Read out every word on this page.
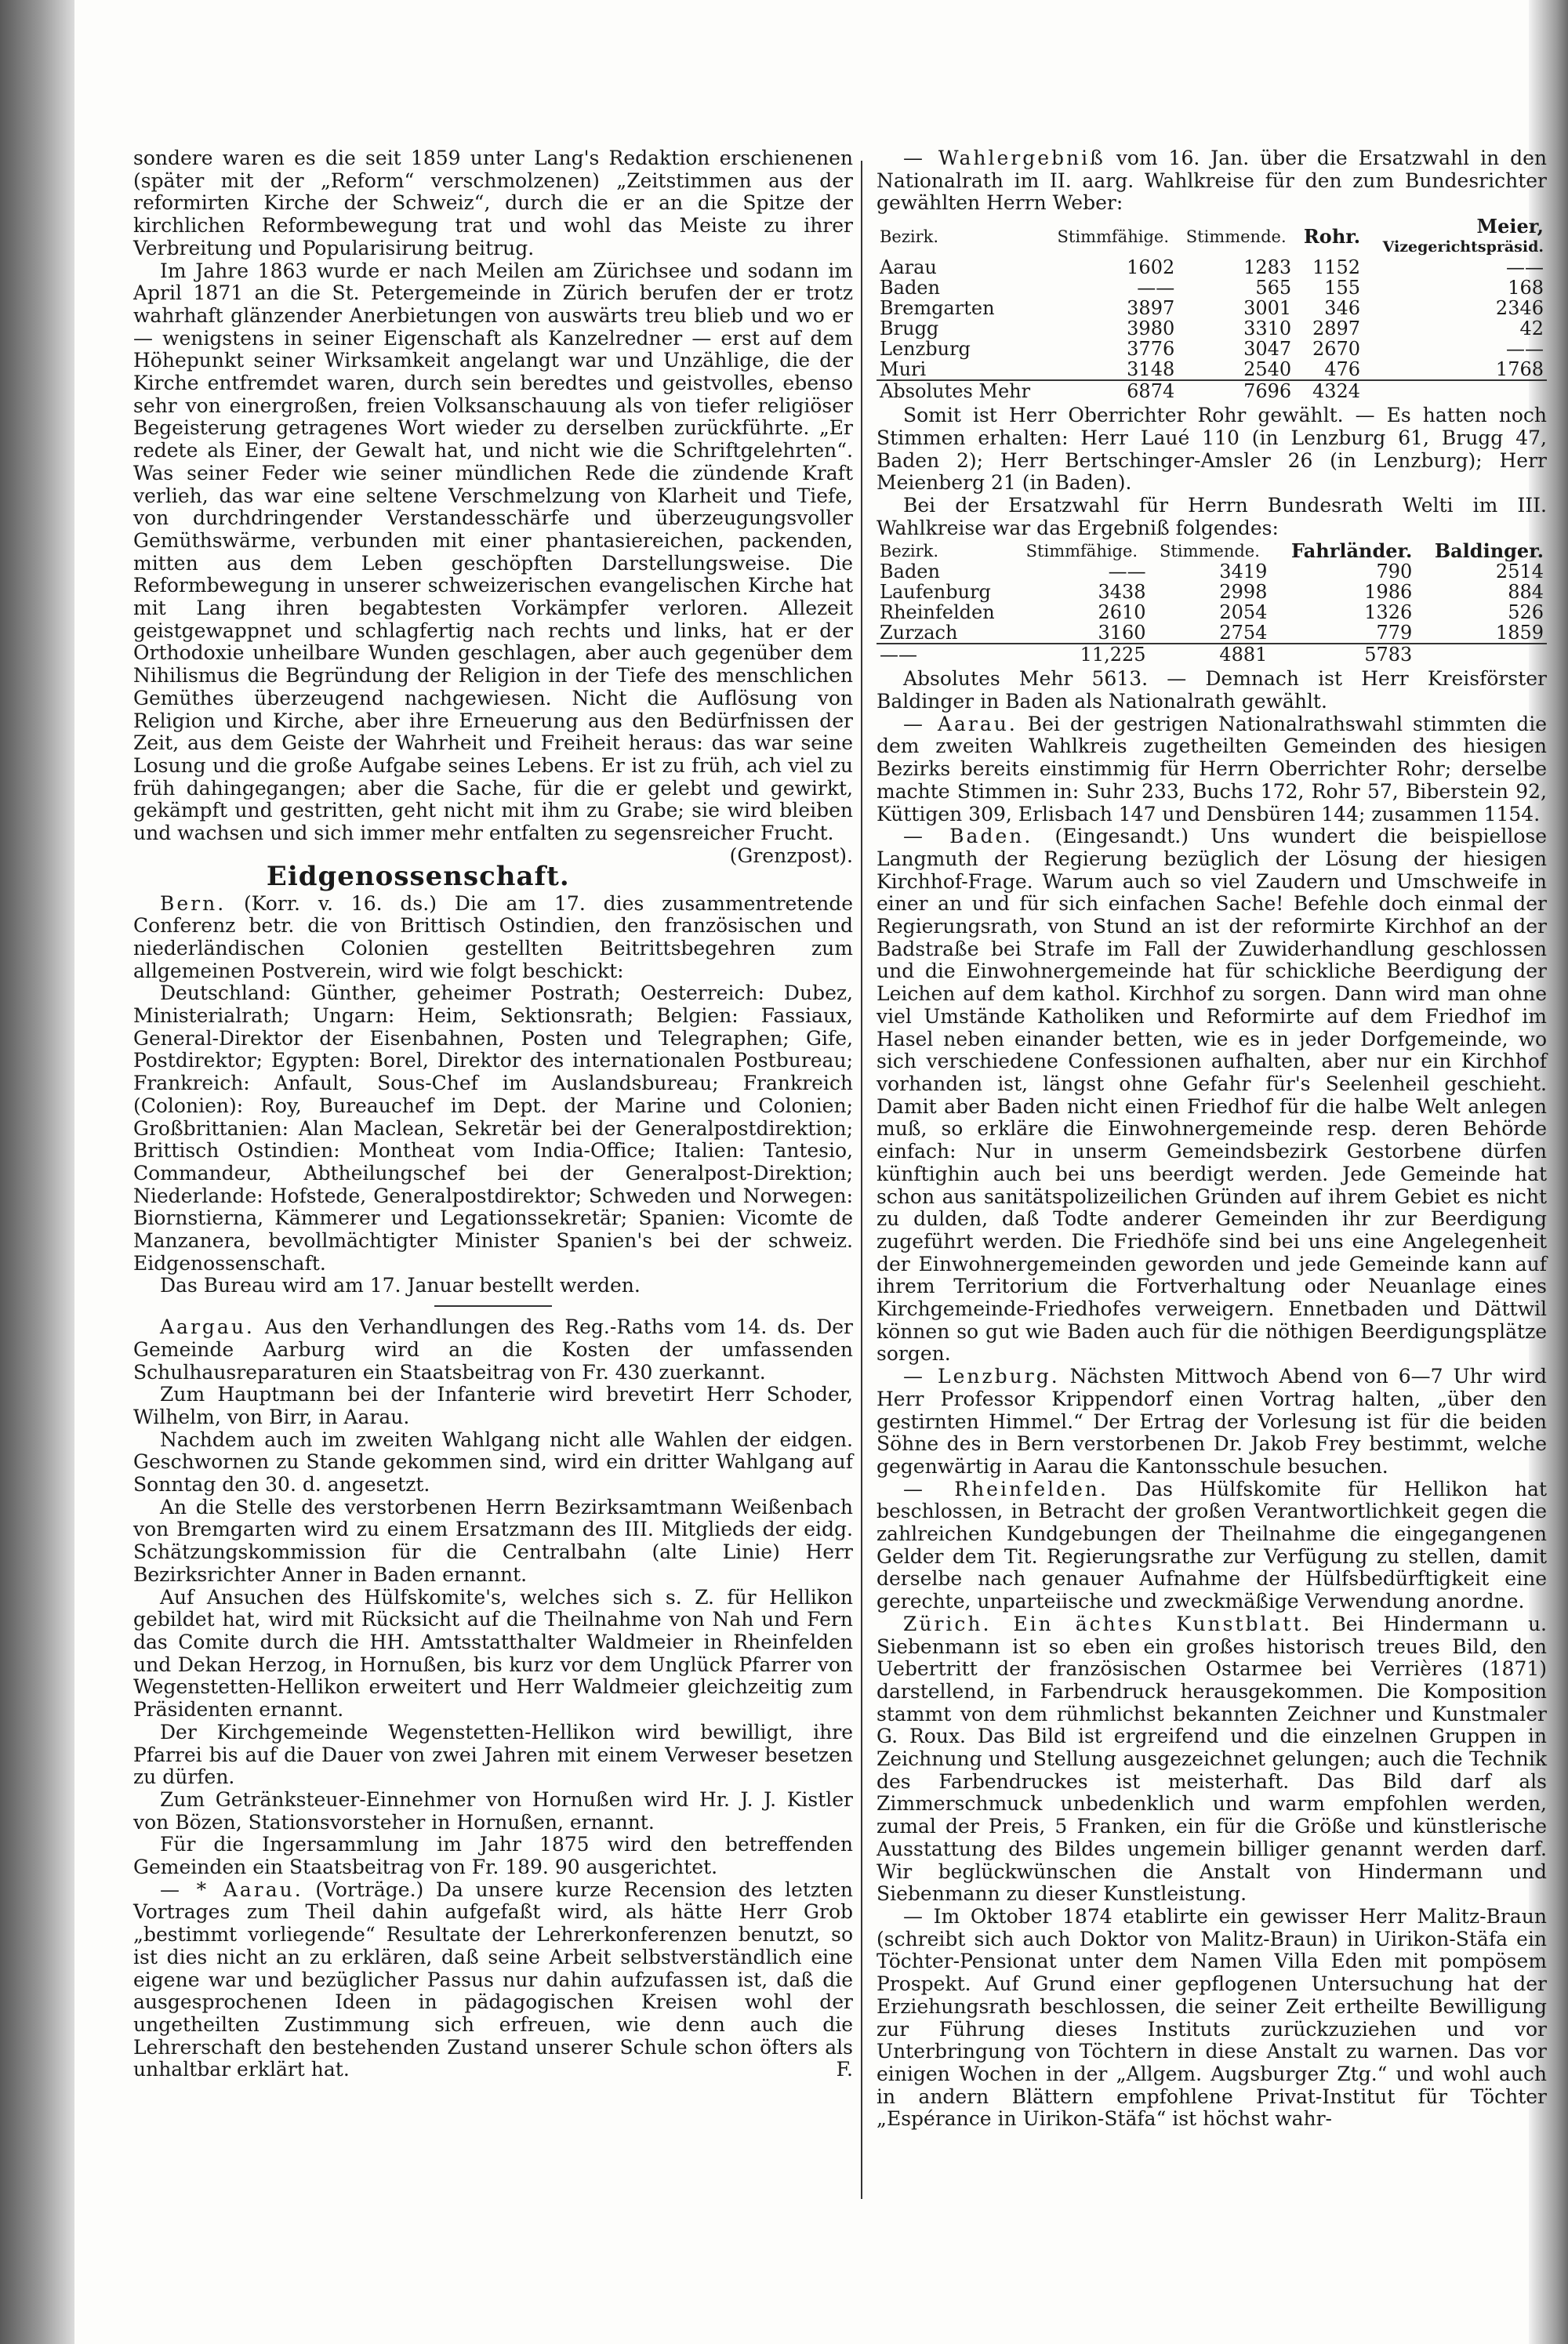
sondere waren es die seit 1859 unter Lang's Redaktion erschienenen (später mit der „Reform“ verschmolzenen) „Zeitstimmen aus der reformirten Kirche der Schweiz“, durch die er an die Spitze der kirchlichen Reformbewegung trat und wohl das Meiste zu ihrer Verbreitung und Popularisirung beitrug.

Im Jahre 1863 wurde er nach Meilen am Zürichsee und sodann im April 1871 an die St. Petergemeinde in Zürich berufen der er trotz wahrhaft glänzender Anerbietungen von auswärts treu blieb und wo er — wenigstens in seiner Eigenschaft als Kanzelredner — erst auf dem Höhepunkt seiner Wirksamkeit angelangt war und Unzählige, die der Kirche entfremdet waren, durch sein beredtes und geistvolles, ebenso sehr von einergroßen, freien Volksanschauung als von tiefer religiöser Begeisterung getragenes Wort wieder zu derselben zurückführte. „Er redete als Einer, der Gewalt hat, und nicht wie die Schriftgelehrten“. Was seiner Feder wie seiner mündlichen Rede die zündende Kraft verlieh, das war eine seltene Verschmelzung von Klarheit und Tiefe, von durchdringender Verstandesschärfe und überzeugungsvoller Gemüthswärme, verbunden mit einer phantasiereichen, packenden, mitten aus dem Leben geschöpften Darstellungsweise. Die Reformbewegung in unserer schweizerischen evangelischen Kirche hat mit Lang ihren begabtesten Vorkämpfer verloren. Allezeit geistgewappnet und schlagfertig nach rechts und links, hat er der Orthodoxie unheilbare Wunden geschlagen, aber auch gegenüber dem Nihilismus die Begründung der Religion in der Tiefe des menschlichen Gemüthes überzeugend nachgewiesen. Nicht die Auflösung von Religion und Kirche, aber ihre Erneuerung aus den Bedürfnissen der Zeit, aus dem Geiste der Wahrheit und Freiheit heraus: das war seine Losung und die große Aufgabe seines Lebens. Er ist zu früh, ach viel zu früh dahingegangen; aber die Sache, für die er gelebt und gewirkt, gekämpft und gestritten, geht nicht mit ihm zu Grabe; sie wird bleiben und wachsen und sich immer mehr entfalten zu segensreicher Frucht.
(Grenzpost).

Eidgenossenschaft.

Bern. (Korr. v. 16. ds.) Die am 17. dies zusammentretende Conferenz betr. die von Brittisch Ostindien, den französischen und niederländischen Colonien gestellten Beitrittsbegehren zum allgemeinen Postverein, wird wie folgt beschickt:

Deutschland: Günther, geheimer Postrath; Oesterreich: Dubez, Ministerialrath; Ungarn: Heim, Sektionsrath; Belgien: Fassiaux, General-Direktor der Eisenbahnen, Posten und Telegraphen; Gife, Postdirektor; Egypten: Borel, Direktor des internationalen Postbureau; Frankreich: Anfault, Sous-Chef im Auslandsbureau; Frankreich (Colonien): Roy, Bureauchef im Dept. der Marine und Colonien; Großbrittanien: Alan Maclean, Sekretär bei der Generalpostdirektion; Brittisch Ostindien: Montheat vom India-Office; Italien: Tantesio, Commandeur, Abtheilungschef bei der Generalpost-Direktion; Niederlande: Hofstede, Generalpostdirektor; Schweden und Norwegen: Biornstierna, Kämmerer und Legationssekretär; Spanien: Vicomte de Manzanera, bevollmächtigter Minister Spanien's bei der schweiz. Eidgenossenschaft.

Das Bureau wird am 17. Januar bestellt werden.

Aargau. Aus den Verhandlungen des Reg.-Raths vom 14. ds. Der Gemeinde Aarburg wird an die Kosten der umfassenden Schulhausreparaturen ein Staatsbeitrag von Fr. 430 zuerkannt.

Zum Hauptmann bei der Infanterie wird brevetirt Herr Schoder, Wilhelm, von Birr, in Aarau.

Nachdem auch im zweiten Wahlgang nicht alle Wahlen der eidgen. Geschwornen zu Stande gekommen sind, wird ein dritter Wahlgang auf Sonntag den 30. d. angesetzt.

An die Stelle des verstorbenen Herrn Bezirksamtmann Weißenbach von Bremgarten wird zu einem Ersatzmann des III. Mitglieds der eidg. Schätzungskommission für die Centralbahn (alte Linie) Herr Bezirksrichter Anner in Baden ernannt.

Auf Ansuchen des Hülfskomite's, welches sich s. Z. für Hellikon gebildet hat, wird mit Rücksicht auf die Theilnahme von Nah und Fern das Comite durch die HH. Amtsstatthalter Waldmeier in Rheinfelden und Dekan Herzog, in Hornußen, bis kurz vor dem Unglück Pfarrer von Wegenstetten-Hellikon erweitert und Herr Waldmeier gleichzeitig zum Präsidenten ernannt.

Der Kirchgemeinde Wegenstetten-Hellikon wird bewilligt, ihre Pfarrei bis auf die Dauer von zwei Jahren mit einem Verweser besetzen zu dürfen.

Zum Getränksteuer-Einnehmer von Hornußen wird Hr. J. J. Kistler von Bözen, Stationsvorsteher in Hornußen, ernannt.

Für die Ingersammlung im Jahr 1875 wird den betreffenden Gemeinden ein Staatsbeitrag von Fr. 189. 90 ausgerichtet.

— * Aarau. (Vorträge.) Da unsere kurze Recension des letzten Vortrages zum Theil dahin aufgefaßt wird, als hätte Herr Grob „bestimmt vorliegende“ Resultate der Lehrerkonferenzen benutzt, so ist dies nicht an zu erklären, daß seine Arbeit selbstverständlich eine eigene war und bezüglicher Passus nur dahin aufzufassen ist, daß die ausgesprochenen Ideen in pädagogischen Kreisen wohl der ungetheilten Zustimmung sich erfreuen, wie denn auch die Lehrerschaft den bestehenden Zustand unserer Schule schon öfters als unhaltbar erklärt hat.	F.

— Wahlergebniß vom 16. Jan. über die Ersatzwahl in den Nationalrath im II. aarg. Wahlkreise für den zum Bundesrichter gewählten Herrn Weber:

Bezirk.	Stimmfähige.	Stimmende.	Rohr.	Meier,
Vizegerichtspräsid.

Aarau	1602	1283	1152	——
Baden	——	565	155	168
Bremgarten	3897	3001	346	2346
Brugg	3980	3310	2897	42
Lenzburg	3776	3047	2670	——
Muri	3148	2540	476	1768
Absolutes Mehr	6874	7696	4324	

Somit ist Herr Oberrichter Rohr gewählt. — Es hatten noch Stimmen erhalten: Herr Laué 110 (in Lenzburg 61, Brugg 47, Baden 2); Herr Bertschinger-Amsler 26 (in Lenzburg); Herr Meienberg 21 (in Baden).

Bei der Ersatzwahl für Herrn Bundesrath Welti im III. Wahlkreise war das Ergebniß folgendes:

Bezirk.	Stimmfähige.	Stimmende.	Fahrländer.	Baldinger.
Baden	——	3419	790	2514
Laufenburg	3438	2998	1986	884
Rheinfelden	2610	2054	1326	526
Zurzach	3160	2754	779	1859
——	11,225	4881	5783	

Absolutes Mehr 5613. — Demnach ist Herr Kreisförster Baldinger in Baden als Nationalrath gewählt.

— Aarau. Bei der gestrigen Nationalrathswahl stimmten die dem zweiten Wahlkreis zugetheilten Gemeinden des hiesigen Bezirks bereits einstimmig für Herrn Oberrichter Rohr; derselbe machte Stimmen in: Suhr 233, Buchs 172, Rohr 57, Biberstein 92, Küttigen 309, Erlisbach 147 und Densbüren 144; zusammen 1154.

— Baden. (Eingesandt.) Uns wundert die beispiellose Langmuth der Regierung bezüglich der Lösung der hiesigen Kirchhof-Frage. Warum auch so viel Zaudern und Umschweife in einer an und für sich einfachen Sache! Befehle doch einmal der Regierungsrath, von Stund an ist der reformirte Kirchhof an der Badstraße bei Strafe im Fall der Zuwiderhandlung geschlossen und die Einwohnergemeinde hat für schickliche Beerdigung der Leichen auf dem kathol. Kirchhof zu sorgen. Dann wird man ohne viel Umstände Katholiken und Reformirte auf dem Friedhof im Hasel neben einander betten, wie es in jeder Dorfgemeinde, wo sich verschiedene Confessionen aufhalten, aber nur ein Kirchhof vorhanden ist, längst ohne Gefahr für's Seelenheil geschieht. Damit aber Baden nicht einen Friedhof für die halbe Welt anlegen muß, so erkläre die Einwohnergemeinde resp. deren Behörde einfach: Nur in unserm Gemeindsbezirk Gestorbene dürfen künftighin auch bei uns beerdigt werden. Jede Gemeinde hat schon aus sanitätspolizeilichen Gründen auf ihrem Gebiet es nicht zu dulden, daß Todte anderer Gemeinden ihr zur Beerdigung zugeführt werden. Die Friedhöfe sind bei uns eine Angelegenheit der Einwohnergemeinden geworden und jede Gemeinde kann auf ihrem Territorium die Fortverhaltung oder Neuanlage eines Kirchgemeinde-Friedhofes verweigern. Ennetbaden und Dättwil können so gut wie Baden auch für die nöthigen Beerdigungsplätze sorgen.

— Lenzburg. Nächsten Mittwoch Abend von 6—7 Uhr wird Herr Professor Krippendorf einen Vortrag halten, „über den gestirnten Himmel.“ Der Ertrag der Vorlesung ist für die beiden Söhne des in Bern verstorbenen Dr. Jakob Frey bestimmt, welche gegenwärtig in Aarau die Kantonsschule besuchen.

— Rheinfelden. Das Hülfskomite für Hellikon hat beschlossen, in Betracht der großen Verantwortlichkeit gegen die zahlreichen Kundgebungen der Theilnahme die eingegangenen Gelder dem Tit. Regierungsrathe zur Verfügung zu stellen, damit derselbe nach genauer Aufnahme der Hülfsbedürftigkeit eine gerechte, unparteiische und zweckmäßige Verwendung anordne.

Zürich. Ein ächtes Kunstblatt. Bei Hindermann u. Siebenmann ist so eben ein großes historisch treues Bild, den Uebertritt der französischen Ostarmee bei Verrières (1871) darstellend, in Farbendruck herausgekommen. Die Komposition stammt von dem rühmlichst bekannten Zeichner und Kunstmaler G. Roux. Das Bild ist ergreifend und die einzelnen Gruppen in Zeichnung und Stellung ausgezeichnet gelungen; auch die Technik des Farbendruckes ist meisterhaft. Das Bild darf als Zimmerschmuck unbedenklich und warm empfohlen werden, zumal der Preis, 5 Franken, ein für die Größe und künstlerische Ausstattung des Bildes ungemein billiger genannt werden darf. Wir beglückwünschen die Anstalt von Hindermann und Siebenmann zu dieser Kunstleistung.

— Im Oktober 1874 etablirte ein gewisser Herr Malitz-Braun (schreibt sich auch Doktor von Malitz-Braun) in Uirikon-Stäfa ein Töchter-Pensionat unter dem Namen Villa Eden mit pompösem Prospekt. Auf Grund einer gepflogenen Untersuchung hat der Erziehungsrath beschlossen, die seiner Zeit ertheilte Bewilligung zur Führung dieses Instituts zurückzuziehen und vor Unterbringung von Töchtern in diese Anstalt zu warnen. Das vor einigen Wochen in der „Allgem. Augsburger Ztg.“ und wohl auch in andern Blättern empfohlene Privat-Institut für Töchter „Espérance in Uirikon-Stäfa“ ist höchst wahr-
